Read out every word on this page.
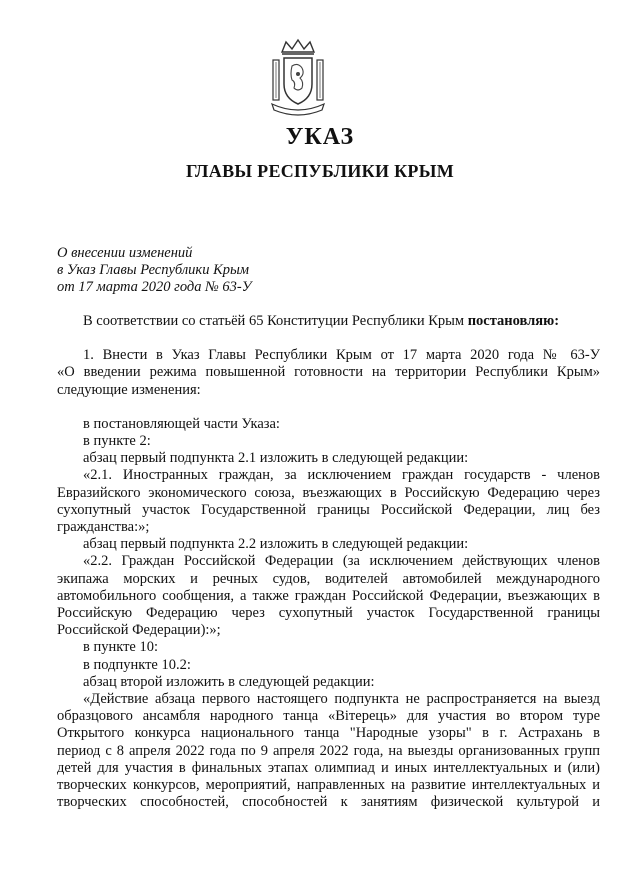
УКАЗ
ГЛАВЫ РЕСПУБЛИКИ КРЫМ
О внесении изменений
в Указ Главы Республики Крым
от 17 марта 2020 года № 63-У

В соответствии со статьёй 65 Конституции Республики Крым постановляю:

1. Внести в Указ Главы Республики Крым от 17 марта 2020 года № 63-У
«О введении режима повышенной готовности на территории Республики Крым»
следующие изменения:
в постановляющей части Указа:
в пункте 2:
абзац первый подпункта 2.1 изложить в следующей редакции:
«2.1. Иностранных граждан, за исключением граждан государств - членов
Евразийского экономического союза, въезжающих в Российскую Федерацию через
сухопутный участок Государственной границы Российской Федерации, лиц без
гражданства:»;
абзац первый подпункта 2.2 изложить в следующей редакции:
«2.2. Граждан Российской Федерации (за исключением действующих членов
экипажа морских и речных судов, водителей автомобилей международного
автомобильного сообщения, а также граждан Российской Федерации, въезжающих в
Российскую Федерацию через сухопутный участок Государственной границы
Российской Федерации):»;
в пункте 10:
в подпункте 10.2:
абзац второй изложить в следующей редакции:
«Действие абзаца первого настоящего подпункта не распространяется на выезд
образцового ансамбля народного танца «Вітерець» для участия во втором туре
Открытого конкурса национального танца "Народные узоры" в г. Астрахань в
период с 8 апреля 2022 года по 9 апреля 2022 года, на выезды организованных групп
детей для участия в финальных этапах олимпиад и иных интеллектуальных и (или)
творческих конкурсов, мероприятий, направленных на развитие интеллектуальных и
творческих способностей, способностей к занятиям физической культурой и
